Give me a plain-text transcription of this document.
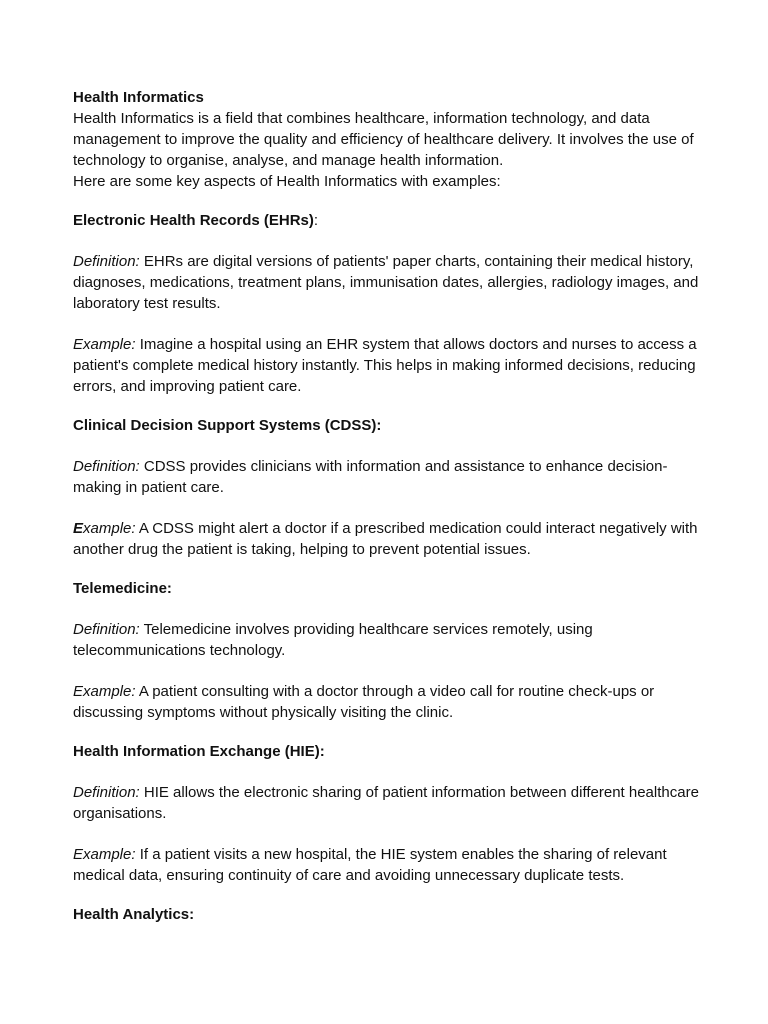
Health Informatics

Health Informatics is a field that combines healthcare, information technology, and data management to improve the quality and efficiency of healthcare delivery. It involves the use of technology to organise, analyse, and manage health information.

Here are some key aspects of Health Informatics with examples:

Electronic Health Records (EHRs):

Definition: EHRs are digital versions of patients' paper charts, containing their medical history, diagnoses, medications, treatment plans, immunisation dates, allergies, radiology images, and laboratory test results.

Example: Imagine a hospital using an EHR system that allows doctors and nurses to access a patient's complete medical history instantly. This helps in making informed decisions, reducing errors, and improving patient care.

Clinical Decision Support Systems (CDSS):

Definition: CDSS provides clinicians with information and assistance to enhance decision-making in patient care.

Example: A CDSS might alert a doctor if a prescribed medication could interact negatively with another drug the patient is taking, helping to prevent potential issues.

Telemedicine:

Definition: Telemedicine involves providing healthcare services remotely, using telecommunications technology.

Example: A patient consulting with a doctor through a video call for routine check-ups or discussing symptoms without physically visiting the clinic.

Health Information Exchange (HIE):

Definition: HIE allows the electronic sharing of patient information between different healthcare organisations.

Example: If a patient visits a new hospital, the HIE system enables the sharing of relevant medical data, ensuring continuity of care and avoiding unnecessary duplicate tests.

Health Analytics:
